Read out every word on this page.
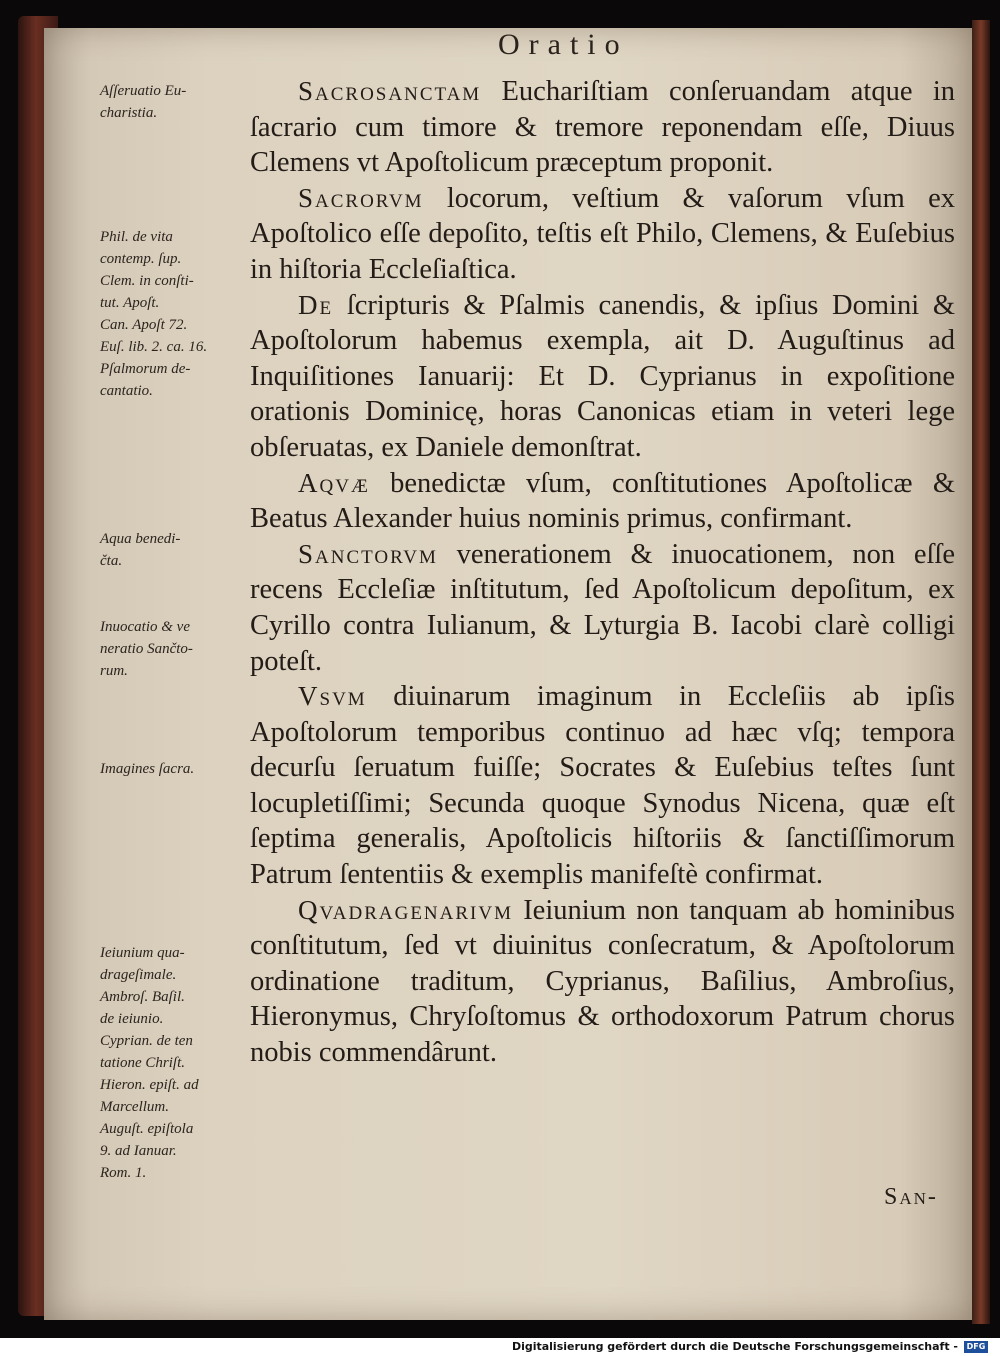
Oratio
Aſſeruatio Eu-
charistia.
Phil. de vita
contemp. ſup.
Clem. in conſti-
tut. Apoſt.
Can. Apoſt 72.
Euſ. lib. 2. ca. 16.
Pſalmorum de-
cantatio.
Aqua benedi-
čta.
Inuocatio & ve
neratio Sančto-
rum.
Imagines ſacra.
Ieiunium qua-
drageſimale.
Ambroſ. Baſil.
de ieiunio.
Cyprian. de ten
tatione Chriſt.
Hieron. epiſt. ad
Marcellum.
Auguſt. epiſtola
9. ad Ianuar.
Rom. 1.

Sacrosanctam Euchariſtiam conſeruandam atque in ſacrario cum timore & tremore reponendam eſſe, Diuus Clemens vt Apoſtolicum præceptum proponit.

Sacrorvm locorum, veſtium & vaſorum vſum ex Apoſtolico eſſe depoſito, teſtis eſt Philo, Clemens, & Euſebius in hiſtoria Eccleſiaſtica.

De ſcripturis & Pſalmis canendis, & ipſius Domini & Apoſtolorum habemus exempla, ait D. Auguſtinus ad Inquiſitiones Ianuarij: Et D. Cyprianus in expoſitione orationis Dominicę, horas Canonicas etiam in veteri lege obſeruatas, ex Daniele demonſtrat.

Aqvæ benedictæ vſum, conſtitutiones Apoſtolicæ & Beatus Alexander huius nominis primus, confirmant.

Sanctorvm venerationem & inuocationem, non eſſe recens Eccleſiæ inſtitutum, ſed Apoſtolicum depoſitum, ex Cyrillo contra Iulianum, & Lyturgia B. Iacobi clarè colligi poteſt.

Vsvm diuinarum imaginum in Eccleſiis ab ipſis Apoſtolorum temporibus continuo ad hæc vſq; tempora decurſu ſeruatum fuiſſe; Socrates & Euſebius teſtes ſunt locupletiſſimi; Secunda quoque Synodus Nicena, quæ eſt ſeptima generalis, Apoſtolicis hiſtoriis & ſanctiſſimorum Patrum ſententiis & exemplis manifeſtè confirmat.

Qvadragenarivm Ieiunium non tanquam ab hominibus conſtitutum, ſed vt diuinitus conſecratum, & Apoſtolorum ordinatione traditum, Cyprianus, Baſilius, Ambroſius, Hieronymus, Chryſoſtomus & orthodoxorum Patrum chorus nobis commendârunt.

San-
Digitalisierung gefördert durch die Deutsche Forschungsgemeinschaft -	DFG
